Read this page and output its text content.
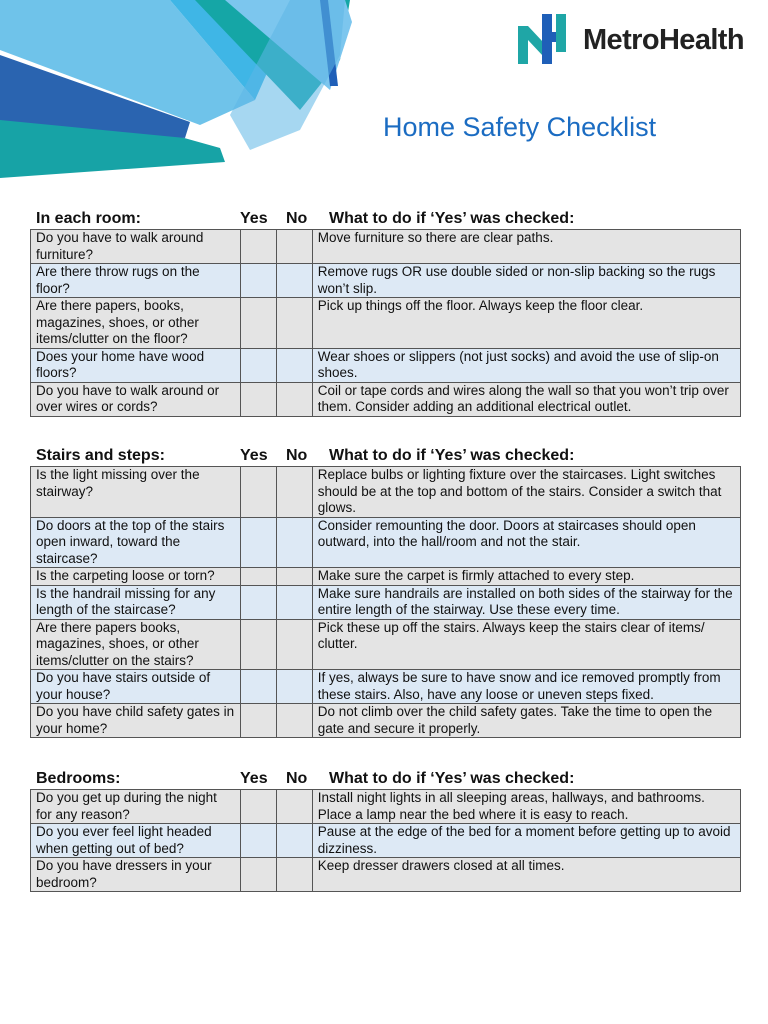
MetroHealth
Home Safety Checklist
In each room:	Yes No What to do if ‘Yes’ was checked:
Do you have to walk around furniture?			Move furniture so there are clear paths.
Are there throw rugs on the floor?			Remove rugs OR use double sided or non-slip backing so the rugs won’t slip.
Are there papers, books, magazines, shoes, or other items/clutter on the floor?			Pick up things off the floor. Always keep the floor clear.
Does your home have wood floors?			Wear shoes or slippers (not just socks) and avoid the use of slip-on shoes.
Do you have to walk around or over wires or cords?			Coil or tape cords and wires along the wall so that you won’t trip over them. Consider adding an additional electrical outlet.
Stairs and steps:	Yes No What to do if ‘Yes’ was checked:
Is the light missing over the stairway?			Replace bulbs or lighting fixture over the staircases. Light switches should be at the top and bottom of the stairs. Consider a switch that glows.
Do doors at the top of the stairs open inward, toward the staircase?			Consider remounting the door. Doors at staircases should open outward, into the hall/room and not the stair.
Is the carpeting loose or torn?			Make sure the carpet is firmly attached to every step.
Is the handrail missing for any length of the staircase?			Make sure handrails are installed on both sides of the stairway for the entire length of the stairway. Use these every time.
Are there papers books, magazines, shoes, or other items/clutter on the stairs?			Pick these up off the stairs. Always keep the stairs clear of items/ clutter.
Do you have stairs outside of your house?			If yes, always be sure to have snow and ice removed promptly from these stairs. Also, have any loose or uneven steps fixed.
Do you have child safety gates in your home?			Do not climb over the child safety gates. Take the time to open the gate and secure it properly.
Bedrooms:	Yes No What to do if ‘Yes’ was checked:
Do you get up during the night for any reason?			Install night lights in all sleeping areas, hallways, and bathrooms. Place a lamp near the bed where it is easy to reach.
Do you ever feel light headed when getting out of bed?			Pause at the edge of the bed for a moment before getting up to avoid dizziness.
Do you have dressers in your bedroom?			Keep dresser drawers closed at all times.
